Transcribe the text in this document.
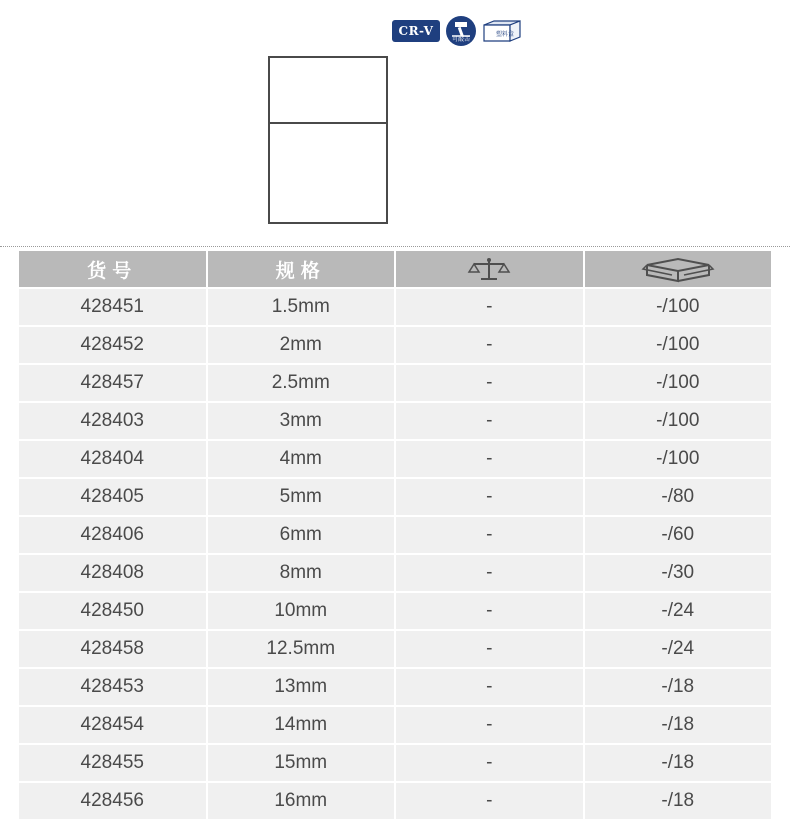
CR-V
可敲击
塑料盒
货号	规格	

428451	1.5mm	-	-/100
428452	2mm	-	-/100
428457	2.5mm	-	-/100
428403	3mm	-	-/100
428404	4mm	-	-/100
428405	5mm	-	-/80
428406	6mm	-	-/60
428408	8mm	-	-/30
428450	10mm	-	-/24
428458	12.5mm	-	-/24
428453	13mm	-	-/18
428454	14mm	-	-/18
428455	15mm	-	-/18
428456	16mm	-	-/18
